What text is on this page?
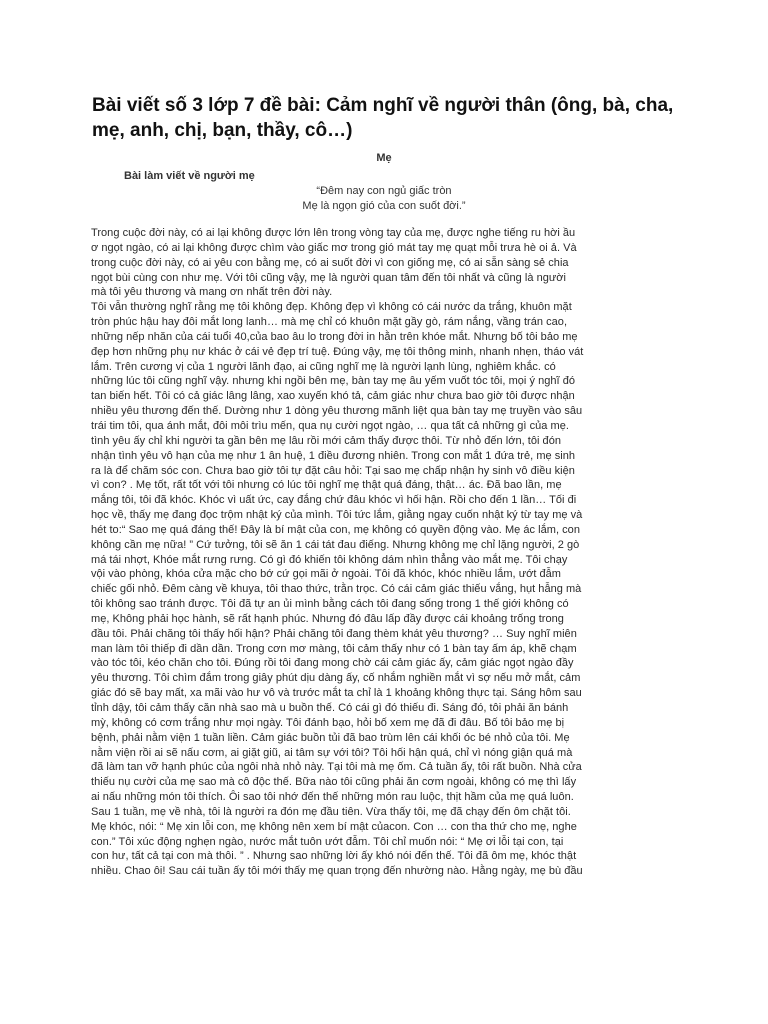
Bài viết số 3 lớp 7 đề bài: Cảm nghĩ về người thân (ông, bà, cha, mẹ, anh, chị, bạn, thầy, cô…)
Mẹ
Bài làm viết về người mẹ
“Đêm nay con ngủ giấc tròn
Mẹ là ngọn gió của con suốt đời.”
Trong cuộc đời này, có ai lại không được lớn lên trong vòng tay của mẹ, được nghe tiếng ru hời ầu
ơ ngọt ngào, có ai lại không được chìm vào giấc mơ trong gió mát tay mẹ quạt mỗi trưa hè oi ả. Và
trong cuộc đời này, có ai yêu con bằng mẹ, có ai suốt đời vì con giống mẹ, có ai sẵn sàng sẻ chia
ngọt bùi cùng con như mẹ. Với tôi cũng vậy, mẹ là người quan tâm đến tôi nhất và cũng là người
mà tôi yêu thương và mang ơn nhất trên đời này.
Tôi vẫn thường nghĩ rằng mẹ tôi không đẹp. Không đẹp vì không có cái nước da trắng, khuôn mặt
tròn phúc hậu hay đôi mắt long lanh… mà mẹ chỉ có khuôn mặt gầy gò, rám nắng, vầng trán cao,
những nếp nhăn của cái tuổi 40,của bao âu lo trong đời in hằn trên khóe mắt. Nhưng bố tôi bảo mẹ
đẹp hơn những phụ nư khác ở cái vẻ đẹp trí tuệ. Đúng vậy, mẹ tôi thông minh, nhanh nhẹn, tháo vát
lắm. Trên cương vị của 1 người lãnh đạo, ai cũng nghĩ mẹ là người lạnh lùng, nghiêm khắc. có
những lúc tôi cũng nghĩ vậy. nhưng khi ngồi bên mẹ, bàn tay mẹ âu yếm vuốt tóc tôi, mọi ý nghĩ đó
tan biến hết. Tôi có cả giác lâng lâng, xao xuyến khó tả, cảm giác như chưa bao giờ tôi được nhận
nhiều yêu thương đến thế. Dường như 1 dòng yêu thương mãnh liệt qua bàn tay mẹ truyền vào sâu
trái tim tôi, qua ánh mắt, đôi môi trìu mến, qua nụ cười ngọt ngào, … qua tất cả những gì của mẹ.
tình yêu ấy chỉ khi người ta gần bên mẹ lâu rồi mới cảm thấy được thôi. Từ nhỏ đến lớn, tôi đón
nhận tình yêu vô hạn của mẹ như 1 ân huệ, 1 điều đương nhiên. Trong con mắt 1 đứa trẻ, mẹ sinh
ra là để chăm sóc con. Chưa bao giờ tôi tự đặt câu hỏi: Tại sao mẹ chấp nhận hy sinh vô điều kiện
vì con? . Mẹ tốt, rất tốt với tôi nhưng có lúc tôi nghĩ mẹ thật quá đáng, thật… ác. Đã bao lần, mẹ
mắng tôi, tôi đã khóc. Khóc vì uất ức, cay đắng chứ đâu khóc vì hối hận. Rồi cho đến 1 lần… Tối đi
học về, thấy mẹ đang đọc trộm nhật ký của mình. Tôi tức lắm, giằng ngay cuốn nhật ký từ tay mẹ và
hét to:“ Sao mẹ quá đáng thế! Đây là bí mật của con, mẹ không có quyền động vào. Mẹ ác lắm, con
không cần mẹ nữa! ” Cứ tưởng, tôi sẽ ăn 1 cái tát đau điếng. Nhưng không mẹ chỉ lặng người, 2 gò
má tái nhợt, Khóe mắt rưng rưng. Có gì đó khiến tôi không dám nhìn thẳng vào mắt mẹ. Tôi chạy
vội vào phòng, khóa cửa mặc cho bớ cứ gọi mãi ở ngoài. Tôi đã khóc, khóc nhiều lắm, ướt đẫm
chiếc gối nhỏ. Đêm càng về khuya, tôi thao thức, trằn trọc. Có cái cảm giác thiếu vắng, hụt hẫng mà
tôi không sao tránh được. Tôi đã tự an ủi mình bằng cách tôi đang sống trong 1 thế giới không có
mẹ, Không phải học hành, sẽ rất hạnh phúc. Nhưng đó đâu lấp đầy được cái khoảng trống trong
đầu tôi. Phải chăng tôi thấy hối hận? Phải chăng tôi đang thèm khát yêu thương? … Suy nghĩ miên
man làm tôi thiếp đi dần dần. Trong cơn mơ màng, tôi cảm thấy như có 1 bàn tay ấm áp, khẽ chạm
vào tóc tôi, kéo chăn cho tôi. Đúng rồi tôi đang mong chờ cái cảm giác ấy, cảm giác ngọt ngào đầy
yêu thương. Tôi chìm đắm trong giây phút dịu dàng ấy, cố nhắm nghiền mắt vì sợ nếu mở mắt, cảm
giác đó sẽ bay mất, xa mãi vào hư vô và trước mắt ta chỉ là 1 khoảng không thực tại. Sáng hôm sau
tỉnh dậy, tôi cảm thấy căn nhà sao mà u buồn thế. Có cái gì đó thiếu đi. Sáng đó, tôi phải ăn bánh
mỳ, không có cơm trắng như mọi ngày. Tôi đánh bạo, hỏi bố xem mẹ đã đi đâu. Bố tôi bảo mẹ bị
bệnh, phải nằm viện 1 tuần liền. Cảm giác buồn tủi đã bao trùm lên cái khối óc bé nhỏ của tôi. Mẹ
nằm viện rồi ai sẽ nấu cơm, ai giặt giũ, ai tâm sự với tôi? Tôi hối hận quá, chỉ vì nóng giận quá mà
đã làm tan vỡ hạnh phúc của ngôi nhà nhỏ này. Tại tôi mà mẹ ốm. Cả tuần ấy, tôi rất buồn. Nhà cửa
thiếu nụ cười của mẹ sao mà cô độc thế. Bữa nào tôi cũng phải ăn cơm ngoài, không có mẹ thì lấy
ai nấu những món tôi thích. Ôi sao tôi nhớ đến thế những món rau luộc, thịt hầm của mẹ quá luôn.
Sau 1 tuần, mẹ về nhà, tôi là người ra đón mẹ đầu tiên. Vừa thấy tôi, mẹ đã chạy đến ôm chặt tôi.
Mẹ khóc, nói: “ Mẹ xin lỗi con, mẹ không nên xem bí mật củacon. Con … con tha thứ cho mẹ, nghe
con.” Tôi xúc động nghẹn ngào, nước mắt tuôn ướt đẫm. Tôi chỉ muốn nói: “ Mẹ ơi lỗi tại con, tại
con hư, tất cả tại con mà thôi. ” . Nhưng sao những lời ấy khó nói đến thế. Tôi đã ôm mẹ, khóc thật
nhiều. Chao ôi! Sau cái tuần ấy tôi mới thấy mẹ quan trọng đến nhường nào. Hằng ngày, mẹ bù đầu
